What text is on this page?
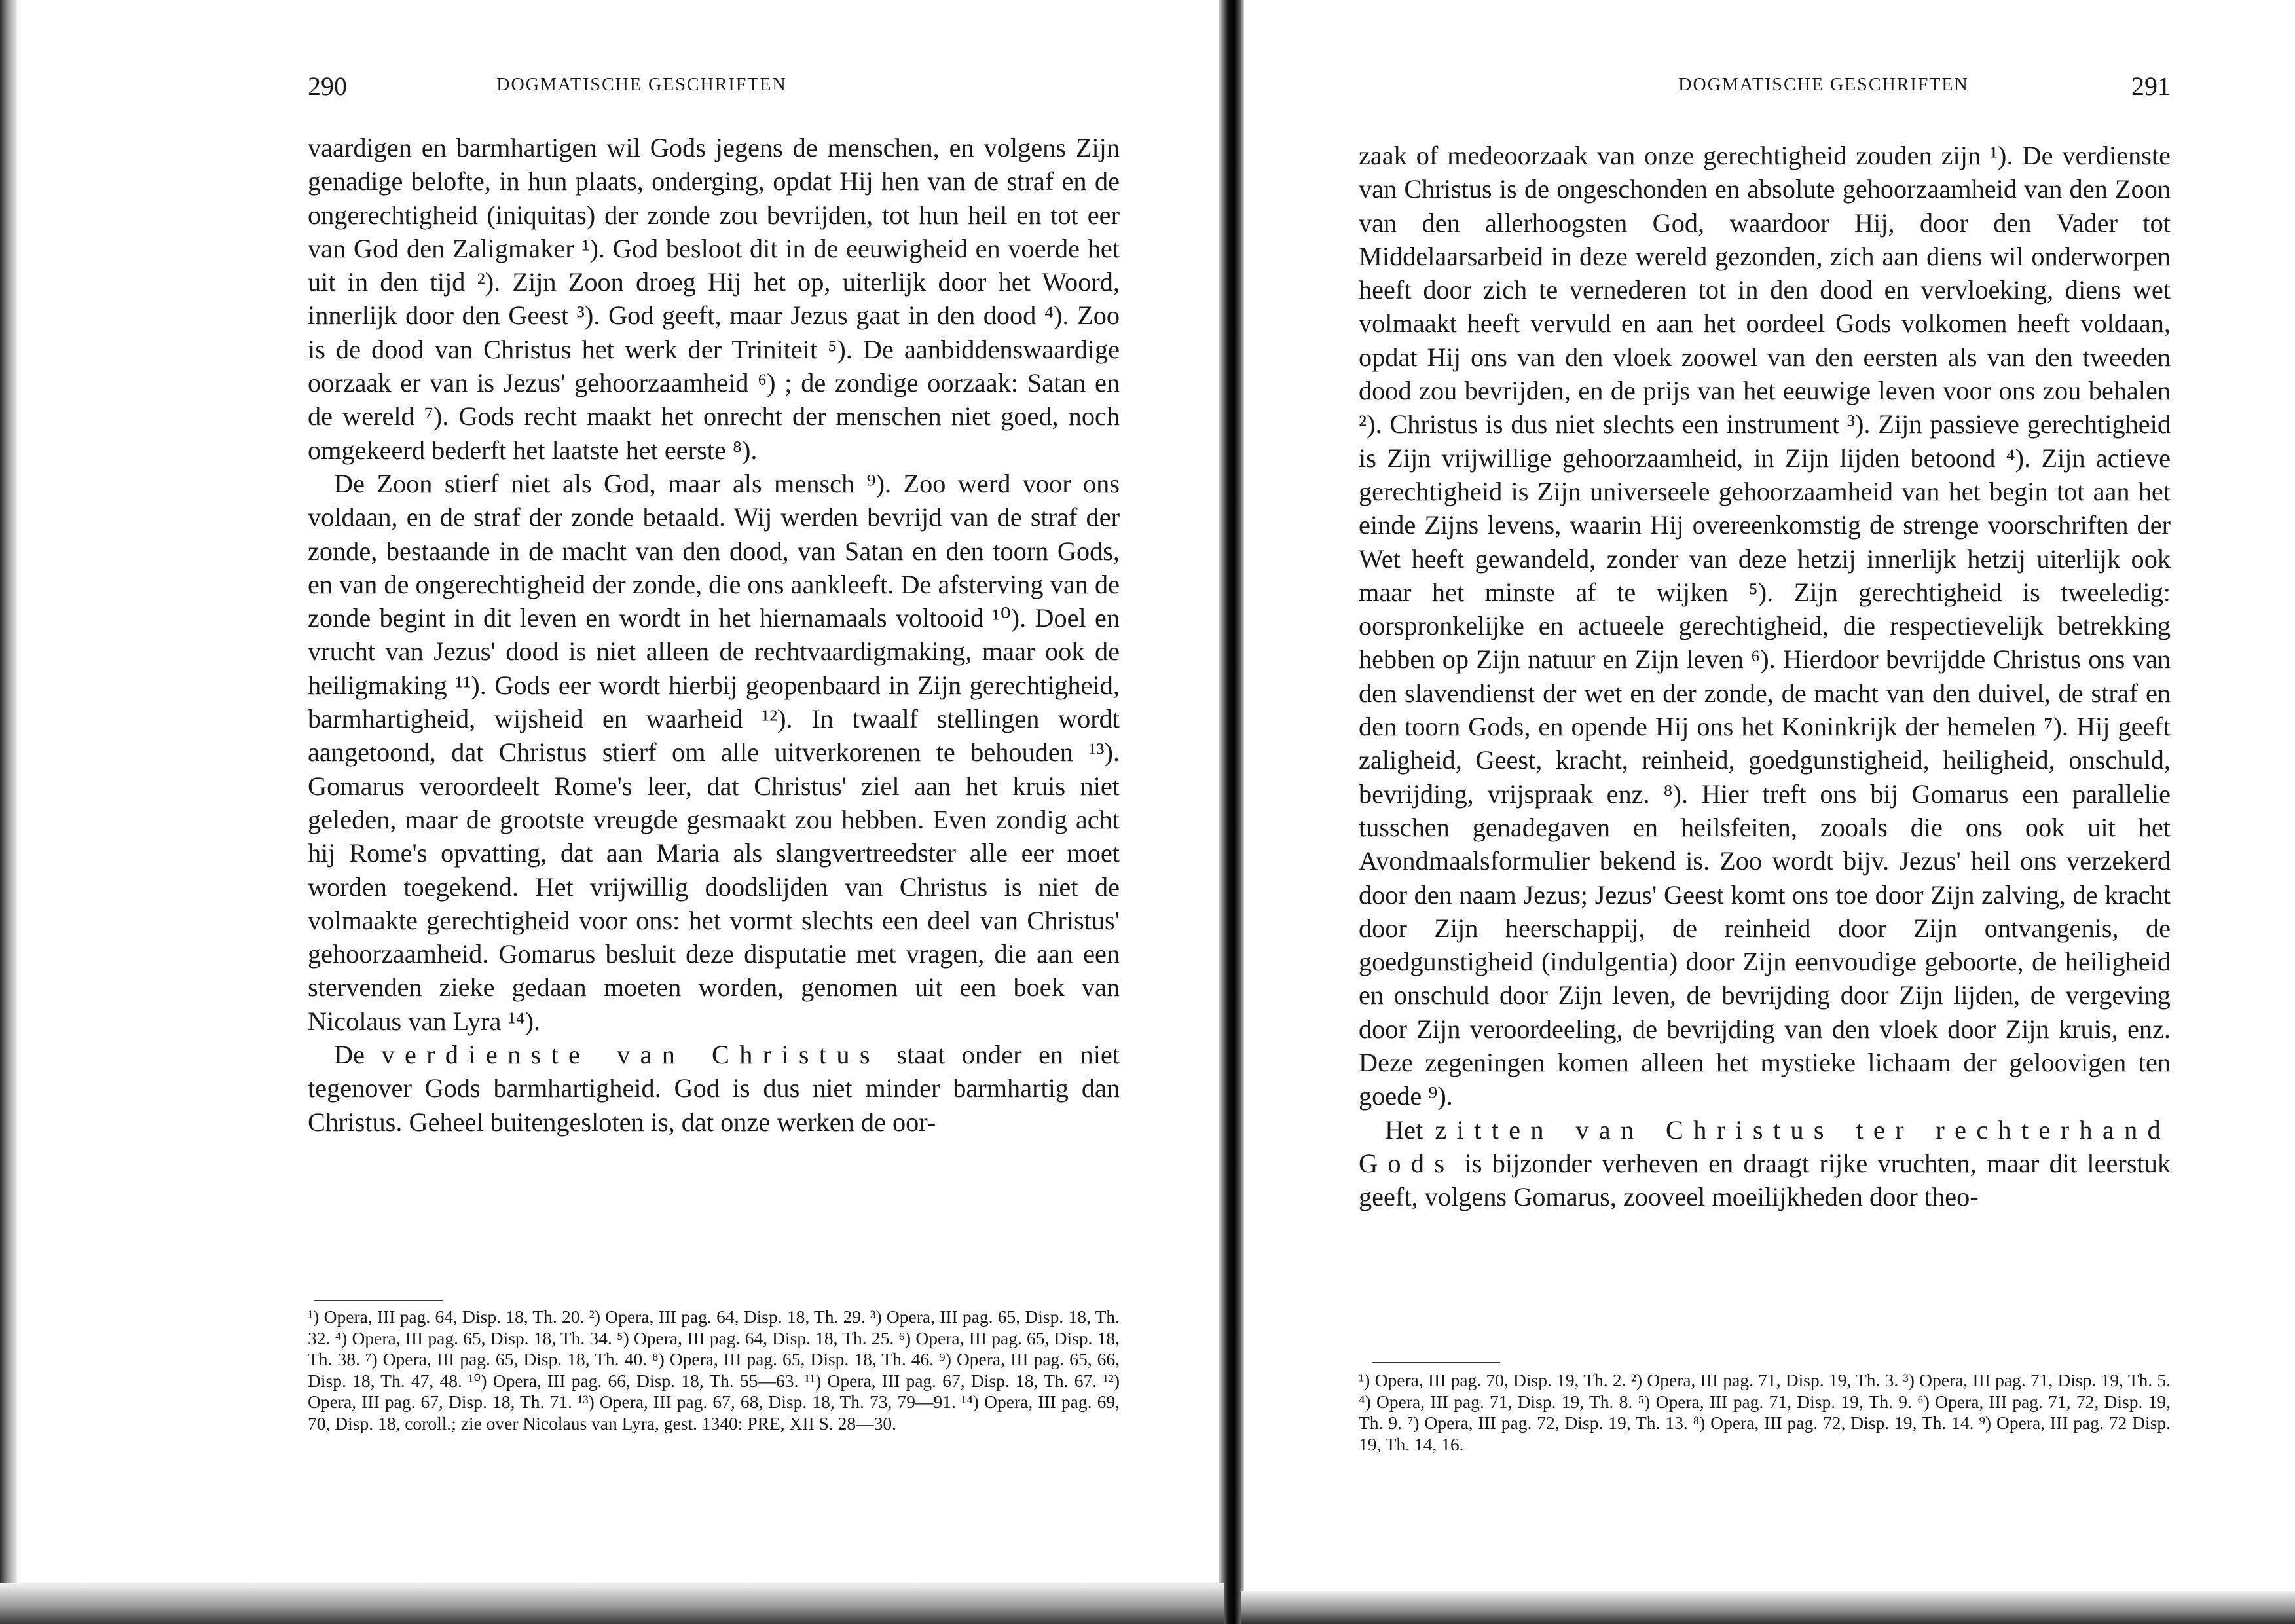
290	DOGMATISCHE GESCHRIFTEN

vaardigen en barmhartigen wil Gods jegens de menschen, en volgens Zijn genadige belofte, in hun plaats, onderging, opdat Hij hen van de straf en de ongerechtigheid (iniquitas) der zonde zou bevrijden, tot hun heil en tot eer van God den Zaligmaker ¹). God besloot dit in de eeuwigheid en voerde het uit in den tijd ²). Zijn Zoon droeg Hij het op, uiterlijk door het Woord, innerlijk door den Geest ³). God geeft, maar Jezus gaat in den dood ⁴). Zoo is de dood van Christus het werk der Triniteit ⁵). De aanbiddenswaardige oorzaak er van is Jezus' gehoorzaamheid ⁶) ; de zondige oorzaak: Satan en de wereld ⁷). Gods recht maakt het onrecht der menschen niet goed, noch omgekeerd bederft het laatste het eerste ⁸).

De Zoon stierf niet als God, maar als mensch ⁹). Zoo werd voor ons voldaan, en de straf der zonde betaald. Wij werden bevrijd van de straf der zonde, bestaande in de macht van den dood, van Satan en den toorn Gods, en van de ongerechtigheid der zonde, die ons aankleeft. De afsterving van de zonde begint in dit leven en wordt in het hiernamaals voltooid ¹⁰). Doel en vrucht van Jezus' dood is niet alleen de rechtvaardigmaking, maar ook de heiligmaking ¹¹). Gods eer wordt hierbij geopenbaard in Zijn gerechtigheid, barmhartigheid, wijsheid en waarheid ¹²). In twaalf stellingen wordt aangetoond, dat Christus stierf om alle uitverkorenen te behouden ¹³). Gomarus veroordeelt Rome's leer, dat Christus' ziel aan het kruis niet geleden, maar de grootste vreugde gesmaakt zou hebben. Even zondig acht hij Rome's opvatting, dat aan Maria als slangvertreedster alle eer moet worden toegekend. Het vrijwillig doodslijden van Christus is niet de volmaakte gerechtigheid voor ons: het vormt slechts een deel van Christus' gehoorzaamheid. Gomarus besluit deze disputatie met vragen, die aan een stervenden zieke gedaan moeten worden, genomen uit een boek van Nicolaus van Lyra ¹⁴).

De verdienste van Christus staat onder en niet tegenover Gods barmhartigheid. God is dus niet minder barmhartig dan Christus. Geheel buitengesloten is, dat onze werken de oor-

¹) Opera, III pag. 64, Disp. 18, Th. 20. ²) Opera, III pag. 64, Disp. 18, Th. 29. ³) Opera, III pag. 65, Disp. 18, Th. 32. ⁴) Opera, III pag. 65, Disp. 18, Th. 34. ⁵) Opera, III pag. 64, Disp. 18, Th. 25. ⁶) Opera, III pag. 65, Disp. 18, Th. 38. ⁷) Opera, III pag. 65, Disp. 18, Th. 40. ⁸) Opera, III pag. 65, Disp. 18, Th. 46. ⁹) Opera, III pag. 65, 66, Disp. 18, Th. 47, 48. ¹⁰) Opera, III pag. 66, Disp. 18, Th. 55—63. ¹¹) Opera, III pag. 67, Disp. 18, Th. 67. ¹²) Opera, III pag. 67, Disp. 18, Th. 71. ¹³) Opera, III pag. 67, 68, Disp. 18, Th. 73, 79—91. ¹⁴) Opera, III pag. 69, 70, Disp. 18, coroll.; zie over Nicolaus van Lyra, gest. 1340: PRE, XII S. 28—30.

DOGMATISCHE GESCHRIFTEN	291

zaak of medeoorzaak van onze gerechtigheid zouden zijn ¹). De verdienste van Christus is de ongeschonden en absolute gehoorzaamheid van den Zoon van den allerhoogsten God, waardoor Hij, door den Vader tot Middelaarsarbeid in deze wereld gezonden, zich aan diens wil onderworpen heeft door zich te vernederen tot in den dood en vervloeking, diens wet volmaakt heeft vervuld en aan het oordeel Gods volkomen heeft voldaan, opdat Hij ons van den vloek zoowel van den eersten als van den tweeden dood zou bevrijden, en de prijs van het eeuwige leven voor ons zou behalen ²). Christus is dus niet slechts een instrument ³). Zijn passieve gerechtigheid is Zijn vrijwillige gehoorzaamheid, in Zijn lijden betoond ⁴). Zijn actieve gerechtigheid is Zijn universeele gehoorzaamheid van het begin tot aan het einde Zijns levens, waarin Hij overeenkomstig de strenge voorschriften der Wet heeft gewandeld, zonder van deze hetzij innerlijk hetzij uiterlijk ook maar het minste af te wijken ⁵). Zijn gerechtigheid is tweeledig: oorspronkelijke en actueele gerechtigheid, die respectievelijk betrekking hebben op Zijn natuur en Zijn leven ⁶). Hierdoor bevrijdde Christus ons van den slavendienst der wet en der zonde, de macht van den duivel, de straf en den toorn Gods, en opende Hij ons het Koninkrijk der hemelen ⁷). Hij geeft zaligheid, Geest, kracht, reinheid, goedgunstigheid, heiligheid, onschuld, bevrijding, vrijspraak enz. ⁸). Hier treft ons bij Gomarus een parallelie tusschen genadegaven en heilsfeiten, zooals die ons ook uit het Avondmaalsformulier bekend is. Zoo wordt bijv. Jezus' heil ons verzekerd door den naam Jezus; Jezus' Geest komt ons toe door Zijn zalving, de kracht door Zijn heerschappij, de reinheid door Zijn ontvangenis, de goedgunstigheid (indulgentia) door Zijn eenvoudige geboorte, de heiligheid en onschuld door Zijn leven, de bevrijding door Zijn lijden, de vergeving door Zijn veroordeeling, de bevrijding van den vloek door Zijn kruis, enz. Deze zegeningen komen alleen het mystieke lichaam der geloovigen ten goede ⁹).

Het zitten van Christus ter rechterhand Gods is bijzonder verheven en draagt rijke vruchten, maar dit leerstuk geeft, volgens Gomarus, zooveel moeilijkheden door theo-

¹) Opera, III pag. 70, Disp. 19, Th. 2. ²) Opera, III pag. 71, Disp. 19, Th. 3. ³) Opera, III pag. 71, Disp. 19, Th. 5. ⁴) Opera, III pag. 71, Disp. 19, Th. 8. ⁵) Opera, III pag. 71, Disp. 19, Th. 9. ⁶) Opera, III pag. 71, 72, Disp. 19, Th. 9. ⁷) Opera, III pag. 72, Disp. 19, Th. 13. ⁸) Opera, III pag. 72, Disp. 19, Th. 14. ⁹) Opera, III pag. 72 Disp. 19, Th. 14, 16.
